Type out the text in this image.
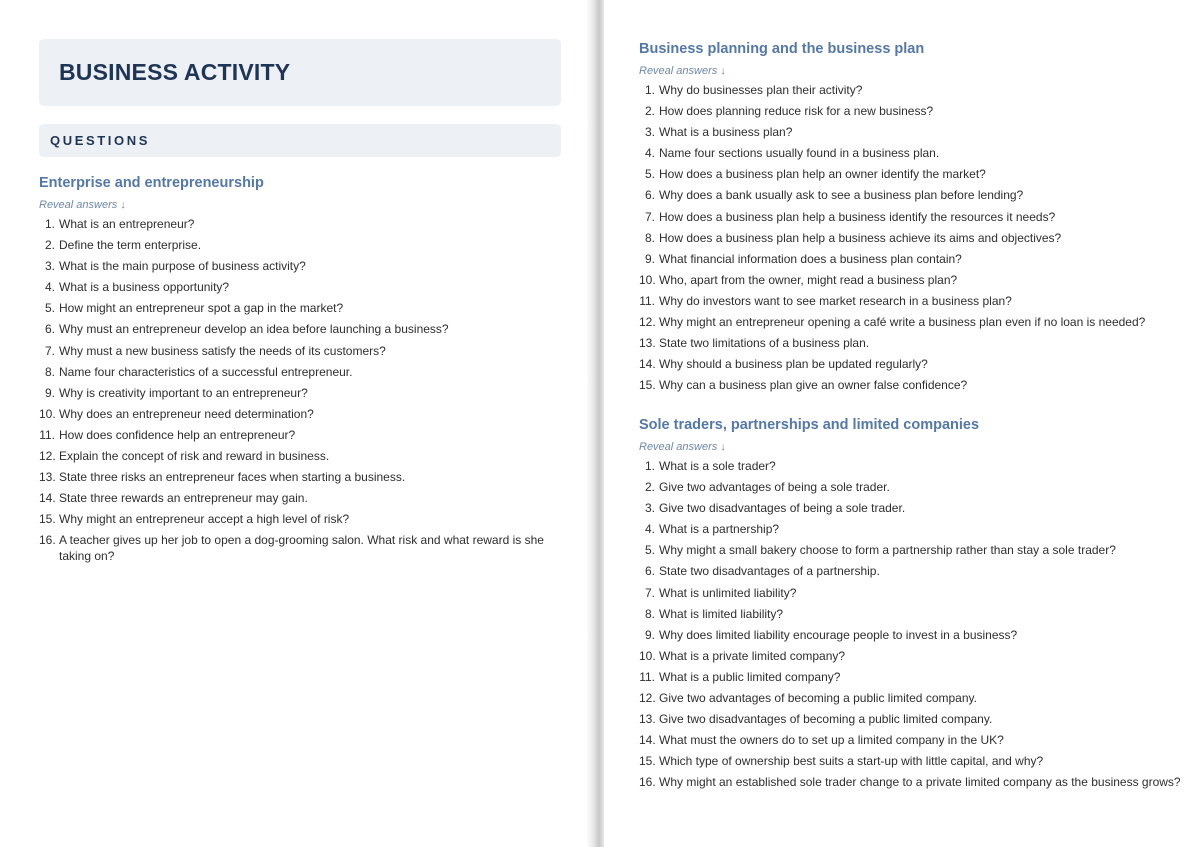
BUSINESS ACTIVITY
QUESTIONS
Enterprise and entrepreneurship
Reveal answers ↓
1. What is an entrepreneur?
2. Define the term enterprise.
3. What is the main purpose of business activity?
4. What is a business opportunity?
5. How might an entrepreneur spot a gap in the market?
6. Why must an entrepreneur develop an idea before launching a business?
7. Why must a new business satisfy the needs of its customers?
8. Name four characteristics of a successful entrepreneur.
9. Why is creativity important to an entrepreneur?
10. Why does an entrepreneur need determination?
11. How does confidence help an entrepreneur?
12. Explain the concept of risk and reward in business.
13. State three risks an entrepreneur faces when starting a business.
14. State three rewards an entrepreneur may gain.
15. Why might an entrepreneur accept a high level of risk?
16. A teacher gives up her job to open a dog-grooming salon. What risk and what reward is she taking on?
Business planning and the business plan
Reveal answers ↓
1. Why do businesses plan their activity?
2. How does planning reduce risk for a new business?
3. What is a business plan?
4. Name four sections usually found in a business plan.
5. How does a business plan help an owner identify the market?
6. Why does a bank usually ask to see a business plan before lending?
7. How does a business plan help a business identify the resources it needs?
8. How does a business plan help a business achieve its aims and objectives?
9. What financial information does a business plan contain?
10. Who, apart from the owner, might read a business plan?
11. Why do investors want to see market research in a business plan?
12. Why might an entrepreneur opening a café write a business plan even if no loan is needed?
13. State two limitations of a business plan.
14. Why should a business plan be updated regularly?
15. Why can a business plan give an owner false confidence?
Sole traders, partnerships and limited companies
Reveal answers ↓
1. What is a sole trader?
2. Give two advantages of being a sole trader.
3. Give two disadvantages of being a sole trader.
4. What is a partnership?
5. Why might a small bakery choose to form a partnership rather than stay a sole trader?
6. State two disadvantages of a partnership.
7. What is unlimited liability?
8. What is limited liability?
9. Why does limited liability encourage people to invest in a business?
10. What is a private limited company?
11. What is a public limited company?
12. Give two advantages of becoming a public limited company.
13. Give two disadvantages of becoming a public limited company.
14. What must the owners do to set up a limited company in the UK?
15. Which type of ownership best suits a start-up with little capital, and why?
16. Why might an established sole trader change to a private limited company as the business grows?
